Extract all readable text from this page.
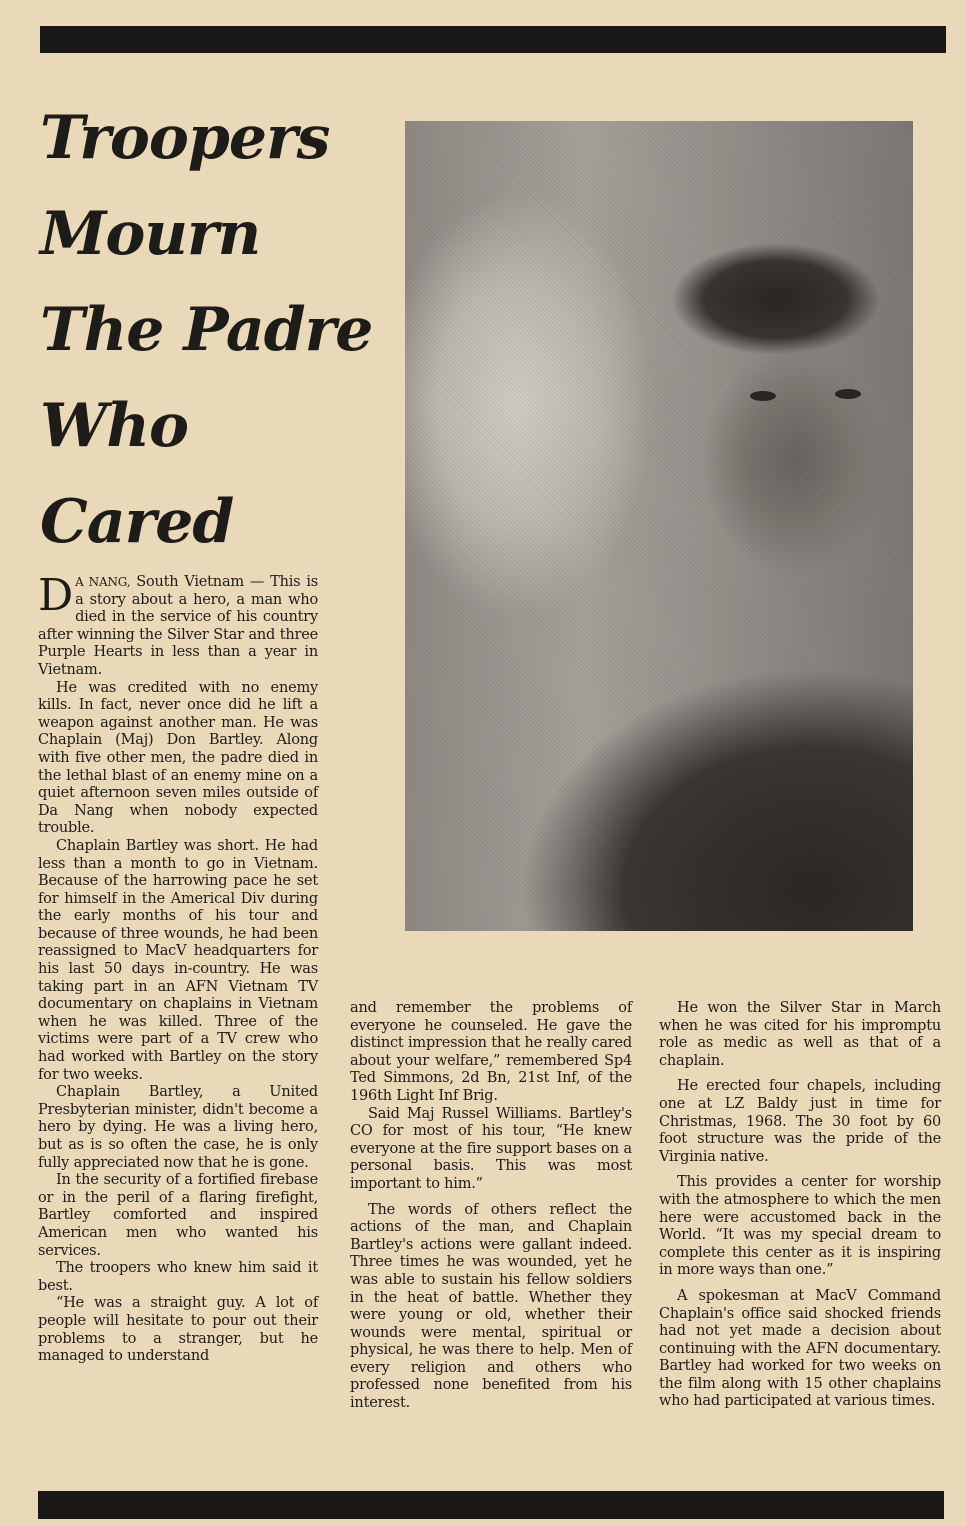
Troopers
Mourn
The Padre
Who
Cared

D A NANG, South Vietnam — This is a story about a hero, a man who died in the service of his country after winning the Silver Star and three Purple Hearts in less than a year in Vietnam.

He was credited with no enemy kills. In fact, never once did he lift a weapon against another man. He was Chaplain (Maj) Don Bartley. Along with five other men, the padre died in the lethal blast of an enemy mine on a quiet afternoon seven miles outside of Da Nang when nobody expected trouble.

Chaplain Bartley was short. He had less than a month to go in Vietnam. Because of the harrowing pace he set for himself in the Americal Div during the early months of his tour and because of three wounds, he had been reassigned to MacV headquarters for his last 50 days in-country. He was taking part in an AFN Vietnam TV documentary on chaplains in Vietnam when he was killed. Three of the victims were part of a TV crew who had worked with Bartley on the story for two weeks.

Chaplain Bartley, a United Presbyterian minister, didn't become a hero by dying. He was a living hero, but as is so often the case, he is only fully appreciated now that he is gone.

In the security of a fortified firebase or in the peril of a flaring firefight, Bartley comforted and inspired American men who wanted his services.

The troopers who knew him said it best.

“He was a straight guy. A lot of people will hesitate to pour out their problems to a stranger, but he managed to understand

and remember the problems of everyone he counseled. He gave the distinct impression that he really cared about your welfare,” remembered Sp4 Ted Simmons, 2d Bn, 21st Inf, of the 196th Light Inf Brig.

Said Maj Russel Williams. Bartley's CO for most of his tour, “He knew everyone at the fire support bases on a personal basis. This was most important to him.”

The words of others reflect the actions of the man, and Chaplain Bartley's actions were gallant indeed. Three times he was wounded, yet he was able to sustain his fellow soldiers in the heat of battle. Whether they were young or old, whether their wounds were mental, spiritual or physical, he was there to help. Men of every religion and others who professed none benefited from his interest.

He won the Silver Star in March when he was cited for his impromptu role as medic as well as that of a chaplain.

He erected four chapels, including one at LZ Baldy just in time for Christmas, 1968. The 30 foot by 60 foot structure was the pride of the Virginia native.

This provides a center for worship with the atmosphere to which the men here were accustomed back in the World. “It was my special dream to complete this center as it is inspiring in more ways than one.”

A spokesman at MacV Command Chaplain's office said shocked friends had not yet made a decision about continuing with the AFN documentary. Bartley had worked for two weeks on the film along with 15 other chaplains who had participated at various times.
